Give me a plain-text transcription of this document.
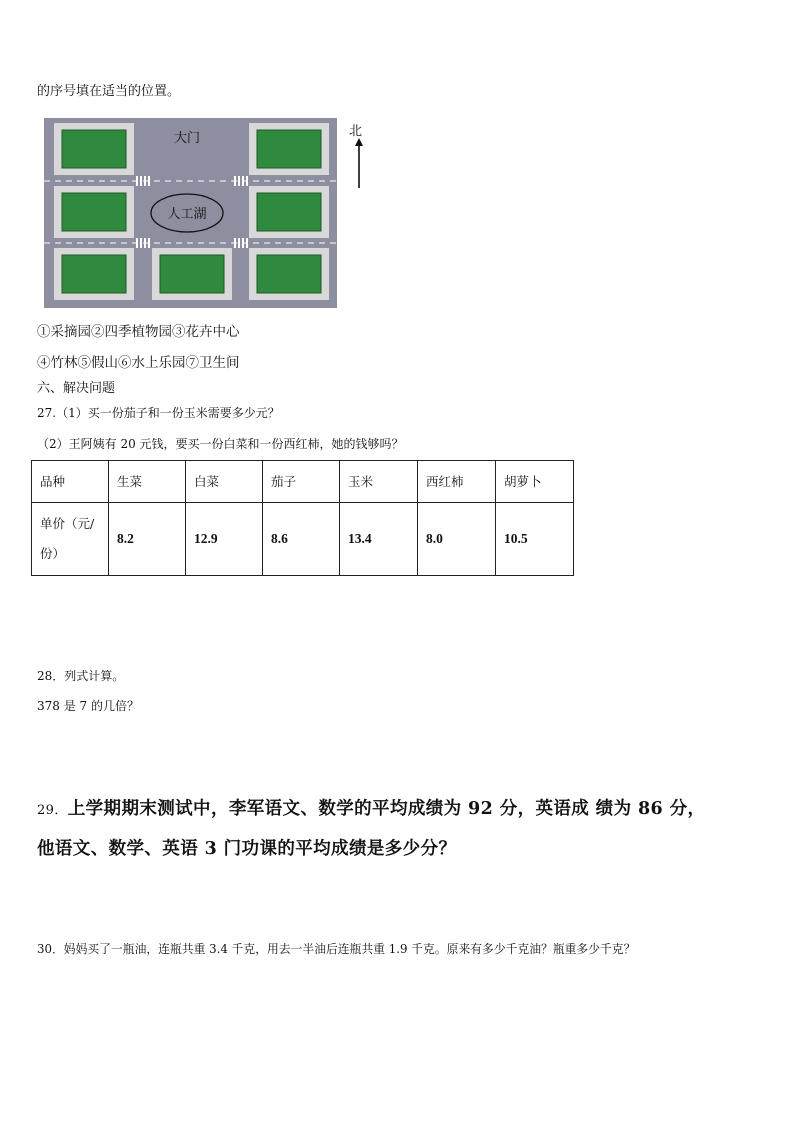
的序号填在适当的位置。
人工湖
大门	北
①采摘园②四季植物园③花卉中心
④竹林⑤假山⑥水上乐园⑦卫生间
六、解决问题
27.（1）买一份茄子和一份玉米需要多少元？
（2）王阿姨有 20 元钱，要买一份白菜和一份西红柿，她的钱够吗？
品种	生菜	白菜	茄子	玉米	西红柿	胡萝卜

单价（元/
份）	8.2	12.9	8.6	13.4	8.0	10.5
28．列式计算。
378 是 7 的几倍？
29．上学期期末测试中，李军语文、数学的平均成绩为 92 分，英语成 绩为 86 分，
他语文、数学、英语 3 门功课的平均成绩是多少分？
30．妈妈买了一瓶油，连瓶共重 3.4 千克，用去一半油后连瓶共重 1.9 千克。原来有多少千克油？瓶重多少千克？
